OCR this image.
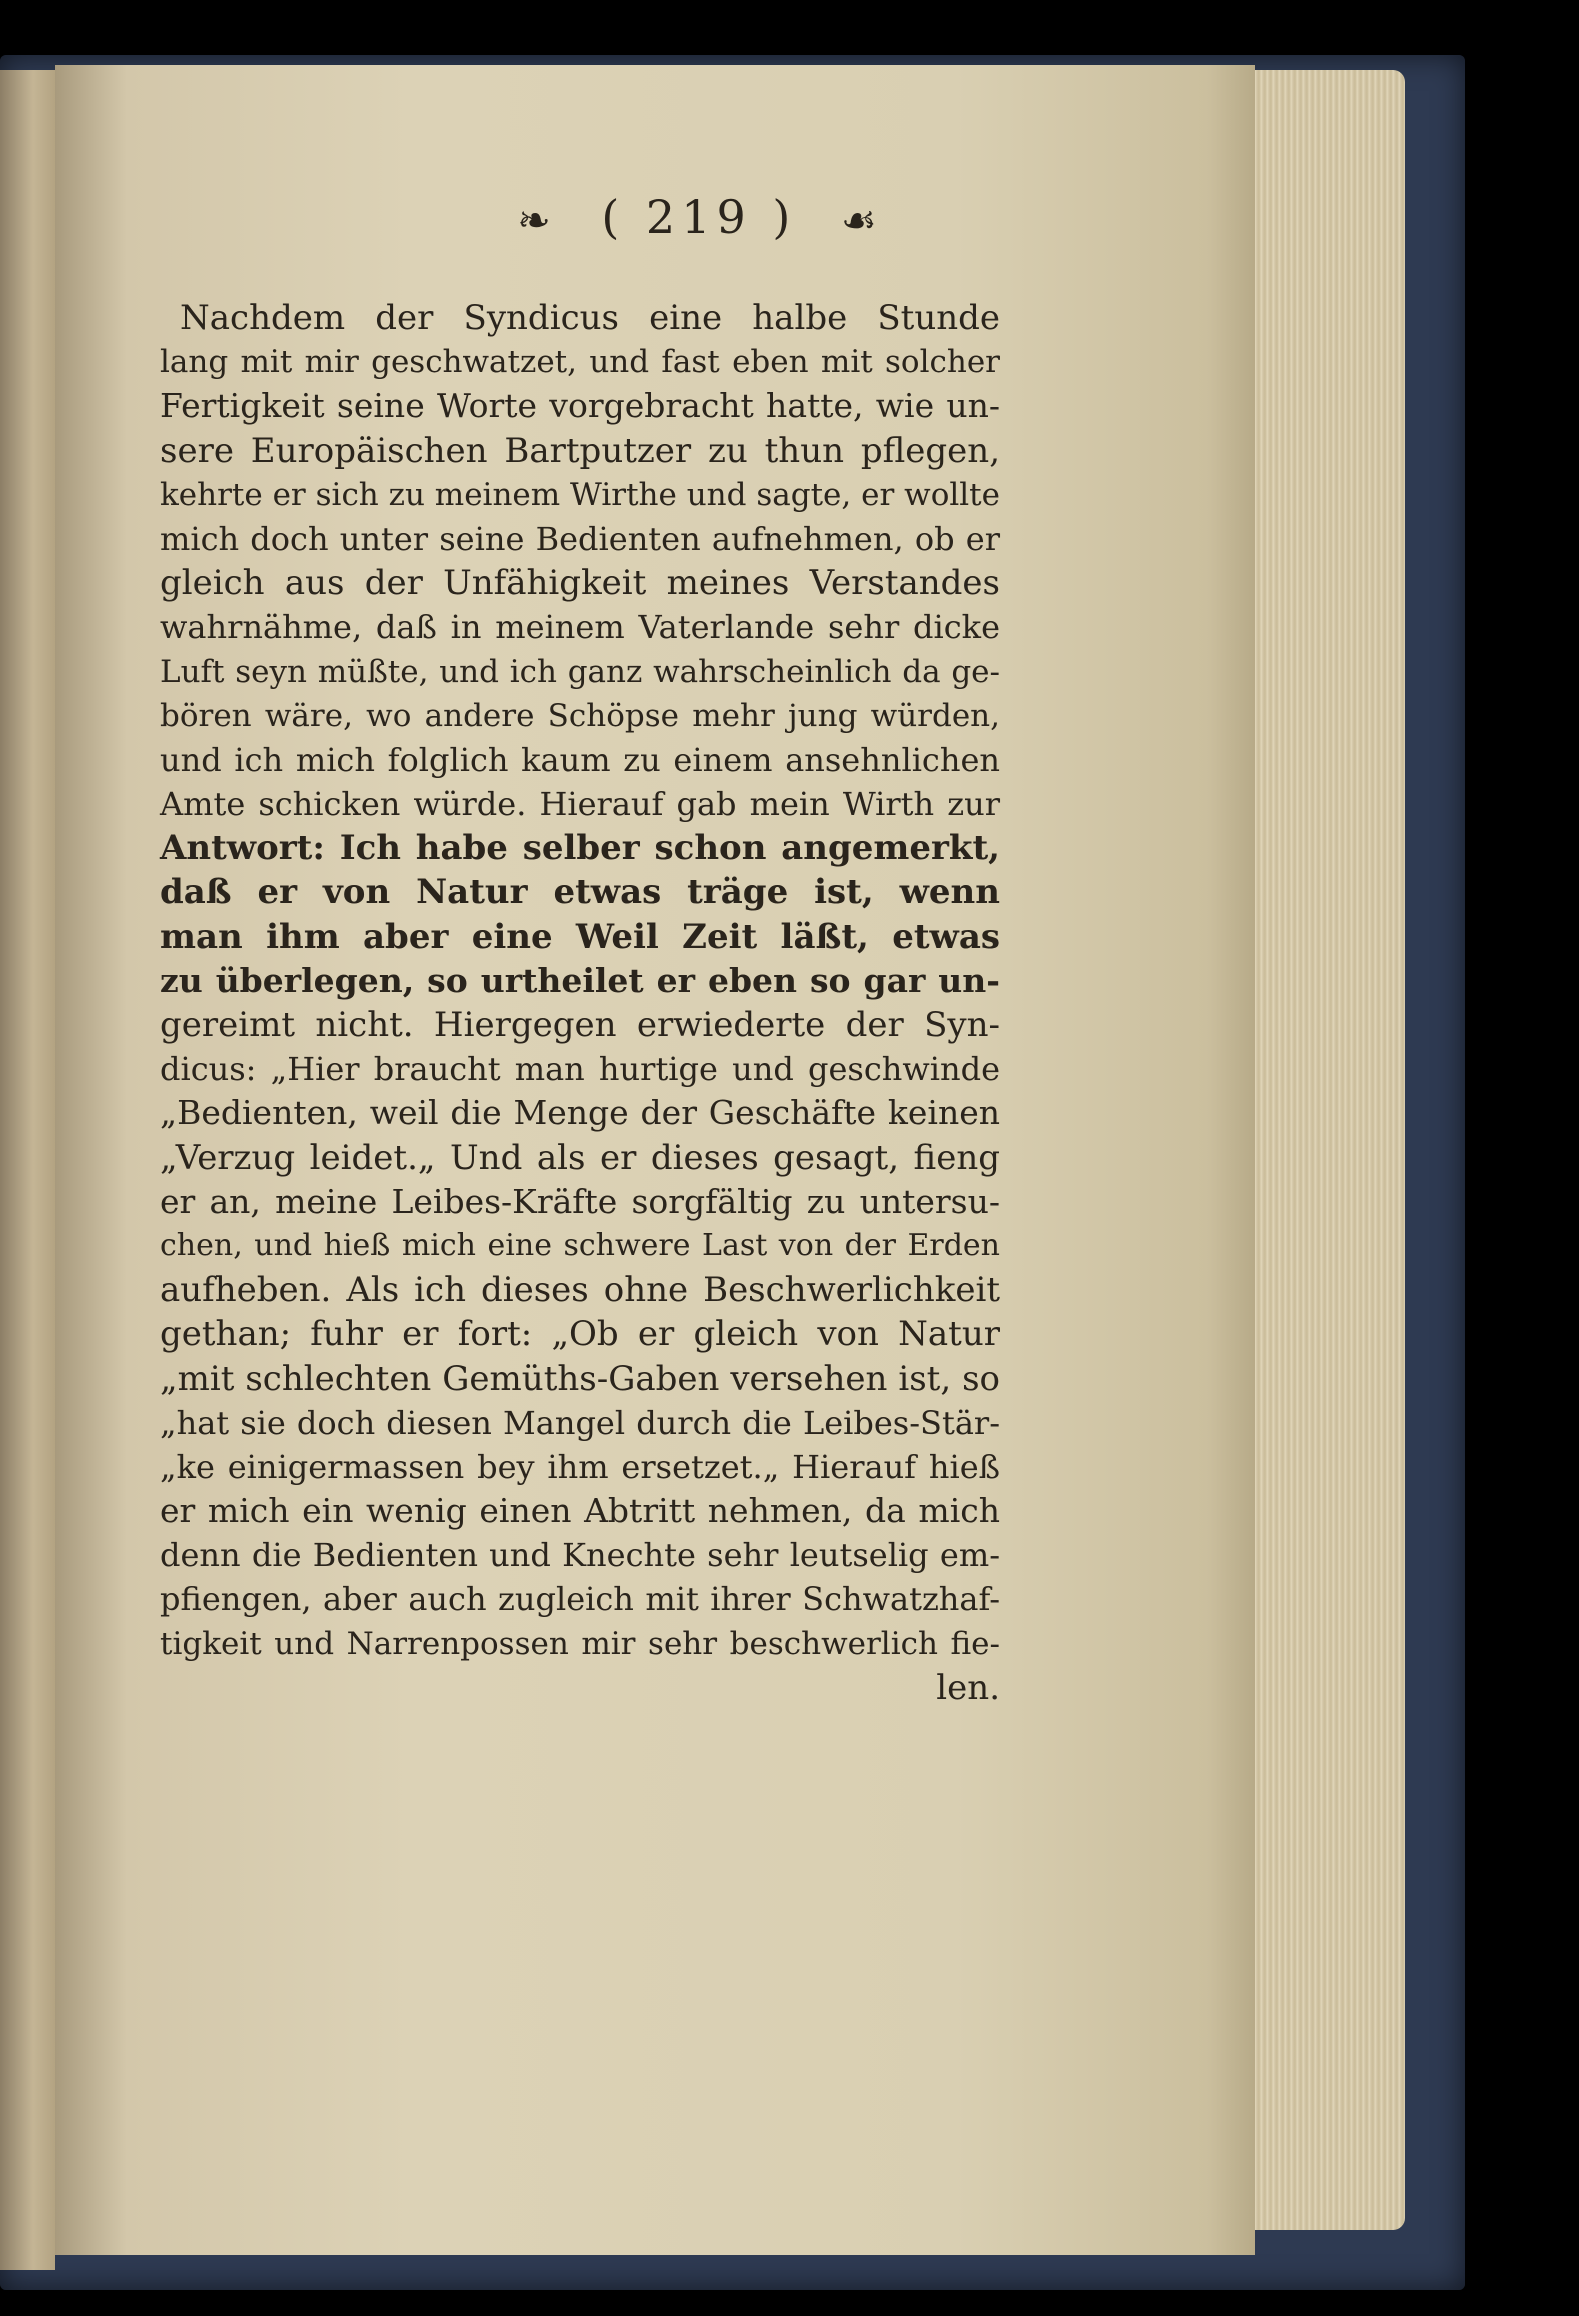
❧ ( 219 ) ☙
Nachdem der Syndicus eine halbe Stunde
lang mit mir geschwatzet, und fast eben mit solcher
Fertigkeit seine Worte vorgebracht hatte, wie un-
sere Europäischen Bartputzer zu thun pflegen,
kehrte er sich zu meinem Wirthe und sagte, er wollte
mich doch unter seine Bedienten aufnehmen, ob er
gleich aus der Unfähigkeit meines Verstandes
wahrnähme, daß in meinem Vaterlande sehr dicke
Luft seyn müßte, und ich ganz wahrscheinlich da ge-
bören wäre, wo andere Schöpse mehr jung würden,
und ich mich folglich kaum zu einem ansehnlichen
Amte schicken würde. Hierauf gab mein Wirth zur
Antwort: Ich habe selber schon angemerkt,
daß er von Natur etwas träge ist, wenn
man ihm aber eine Weil Zeit läßt, etwas
zu überlegen, so urtheilet er eben so gar un-
gereimt nicht. Hiergegen erwiederte der Syn-
dicus: „Hier braucht man hurtige und geschwinde
„Bedienten, weil die Menge der Geschäfte keinen
„Verzug leidet.„ Und als er dieses gesagt, fieng
er an, meine Leibes-Kräfte sorgfältig zu untersu-
chen, und hieß mich eine schwere Last von der Erden
aufheben. Als ich dieses ohne Beschwerlichkeit
gethan; fuhr er fort: „Ob er gleich von Natur
„mit schlechten Gemüths-Gaben versehen ist, so
„hat sie doch diesen Mangel durch die Leibes-Stär-
„ke einigermassen bey ihm ersetzet.„ Hierauf hieß
er mich ein wenig einen Abtritt nehmen, da mich
denn die Bedienten und Knechte sehr leutselig em-
pfiengen, aber auch zugleich mit ihrer Schwatzhaf-
tigkeit und Narrenpossen mir sehr beschwerlich fie-
len.
